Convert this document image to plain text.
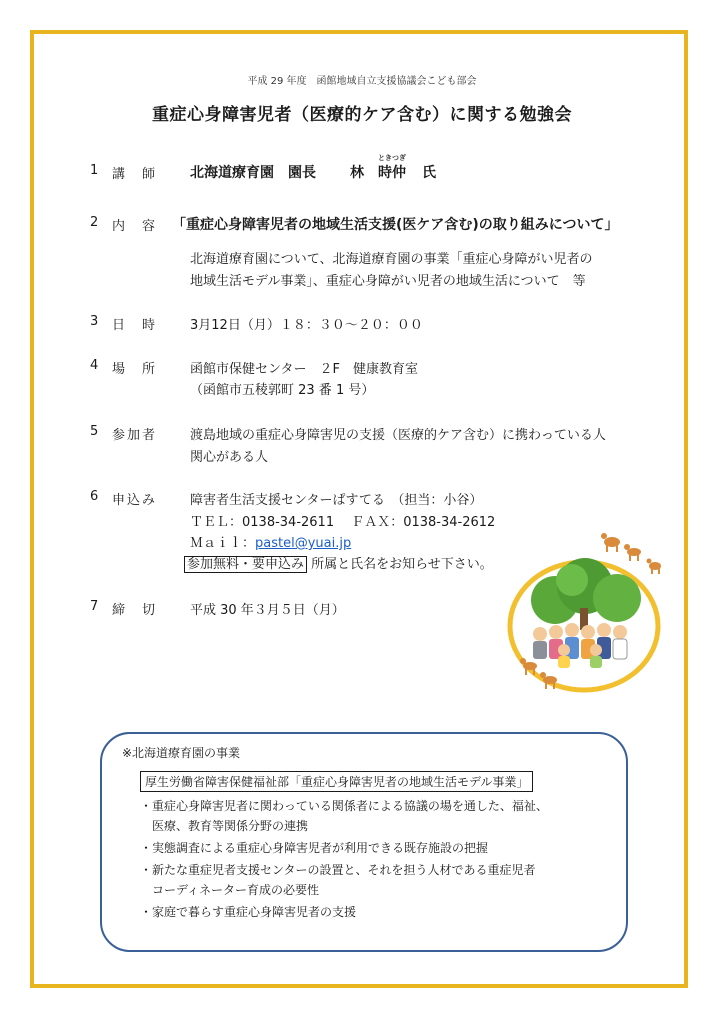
平成 29 年度　函館地域自立支援協議会こども部会
重症心身障害児者（医療的ケア含む）に関する勉強会
1 講　師 北海道療育園　園長 林
ときつぎ
時仲 氏
2 内　容 「重症心身障害児者の地域生活支援(医ケア含む)の取り組みについて」
北海道療育園について、北海道療育園の事業「重症心身障がい児者の
地域生活モデル事業」、重症心身障がい児者の地域生活について　等
3 日　時	3月12日（月）１８：３０～２０：００
4 場　所	函館市保健センター　２F　健康教育室
（函館市五稜郭町 23 番 1 号）
5 参加者	渡島地域の重症心身障害児の支援（医療的ケア含む）に携わっている人
関心がある人
6 申込み	障害者生活支援センターぱすてる　（担当：小谷）
ＴＥＬ：0138-34-2611　 ＦＡＸ：0138-34-2612
Ｍａｉｌ：pastel@yuai.jp
参加無料・要申込み 所属と氏名をお知らせ下さい。
7 締　切	平成 30 年３月５日（月）
※北海道療育園の事業
厚生労働省障害保健福祉部「重症心身障害児者の地域生活モデル事業」
・重症心身障害児者に関わっている関係者による協議の場を通した、福祉、
　医療、教育等関係分野の連携
・実態調査による重症心身障害児者が利用できる既存施設の把握
・新たな重症児者支援センターの設置と、それを担う人材である重症児者
　コーディネーター育成の必要性
・家庭で暮らす重症心身障害児者の支援
